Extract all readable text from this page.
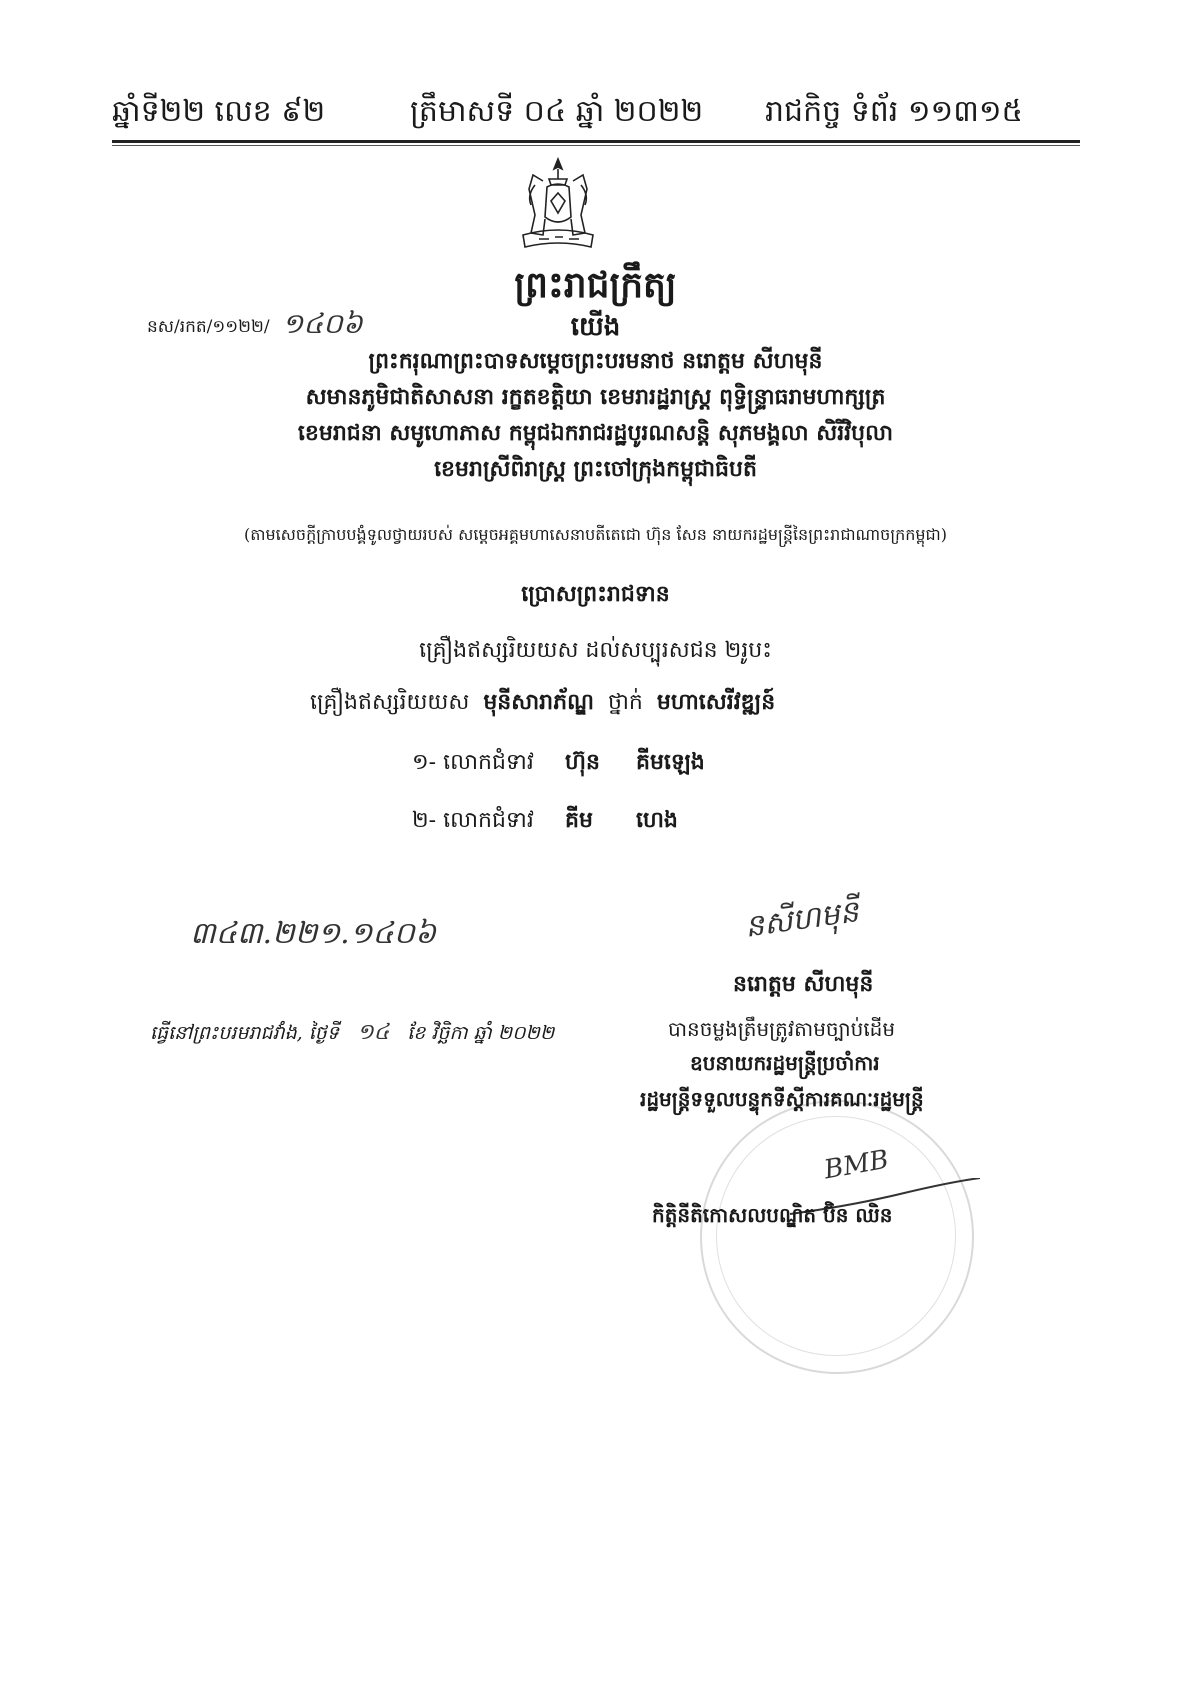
ឆ្នាំទី២២ លេខ ៩២	ត្រឹមាសទី ០៤ ឆ្នាំ ២០២២ រាជកិច្ច ទំព័រ ១១៣១៥
ព្រះរាជក្រឹត្យ
នស/រកត/១១២២/ ១៤០៦	យើង
ព្រះករុណាព្រះបាទសម្តេចព្រះបរមនាថ នរោត្តម សីហមុនី
សមានភូមិជាតិសាសនា រក្ខតខត្តិយា ខេមរារដ្ឋរាស្ត្រ ពុទ្ធិន្ទ្រាធរាមហាក្សត្រ
ខេមរាជនា សមូហោភាស កម្ពុជឯករាជរដ្ឋបូរណសន្តិ សុភមង្គលា សិរីវិបុលា
ខេមរាស្រីពិរាស្ត្រ ព្រះចៅក្រុងកម្ពុជាធិបតី
(តាមសេចក្តីក្រាបបង្គំទូលថ្វាយរបស់ សម្តេចអគ្គមហាសេនាបតីតេជោ ហ៊ុន សែន នាយករដ្ឋមន្ត្រីនៃព្រះរាជាណាចក្រកម្ពុជា)
ប្រោសព្រះរាជទាន
គ្រឿងឥស្សរិយយស ដល់សប្បុរសជន ២រូបះ
គ្រឿងឥស្សរិយយស មុនីសារាភ័ណ្ឌ ថ្នាក់ មហាសេរីវឌ្ឍន៍
១- លោកជំទាវ ហ៊ុន គីមឡេង
២- លោកជំទាវ គីម ហេង
៣៤៣.២២១.១៤០៦	នសីហមុនី
នរោត្តម សីហមុនី
ធ្វើនៅព្រះបរមរាជវាំង, ថ្ងៃទី ១៤ ខែ វិច្ឆិកា ឆ្នាំ ២០២២	បានចម្លងត្រឹមត្រូវតាមច្បាប់ដើម
ឧបនាយករដ្ឋមន្ត្រីប្រចាំការ
រដ្ឋមន្ត្រីទទួលបន្ទុកទីស្តីការគណៈរដ្ឋមន្ត្រី
BMB
កិត្តិនីតិកោសលបណ្ឌិត ប៊ិន ឈិន
